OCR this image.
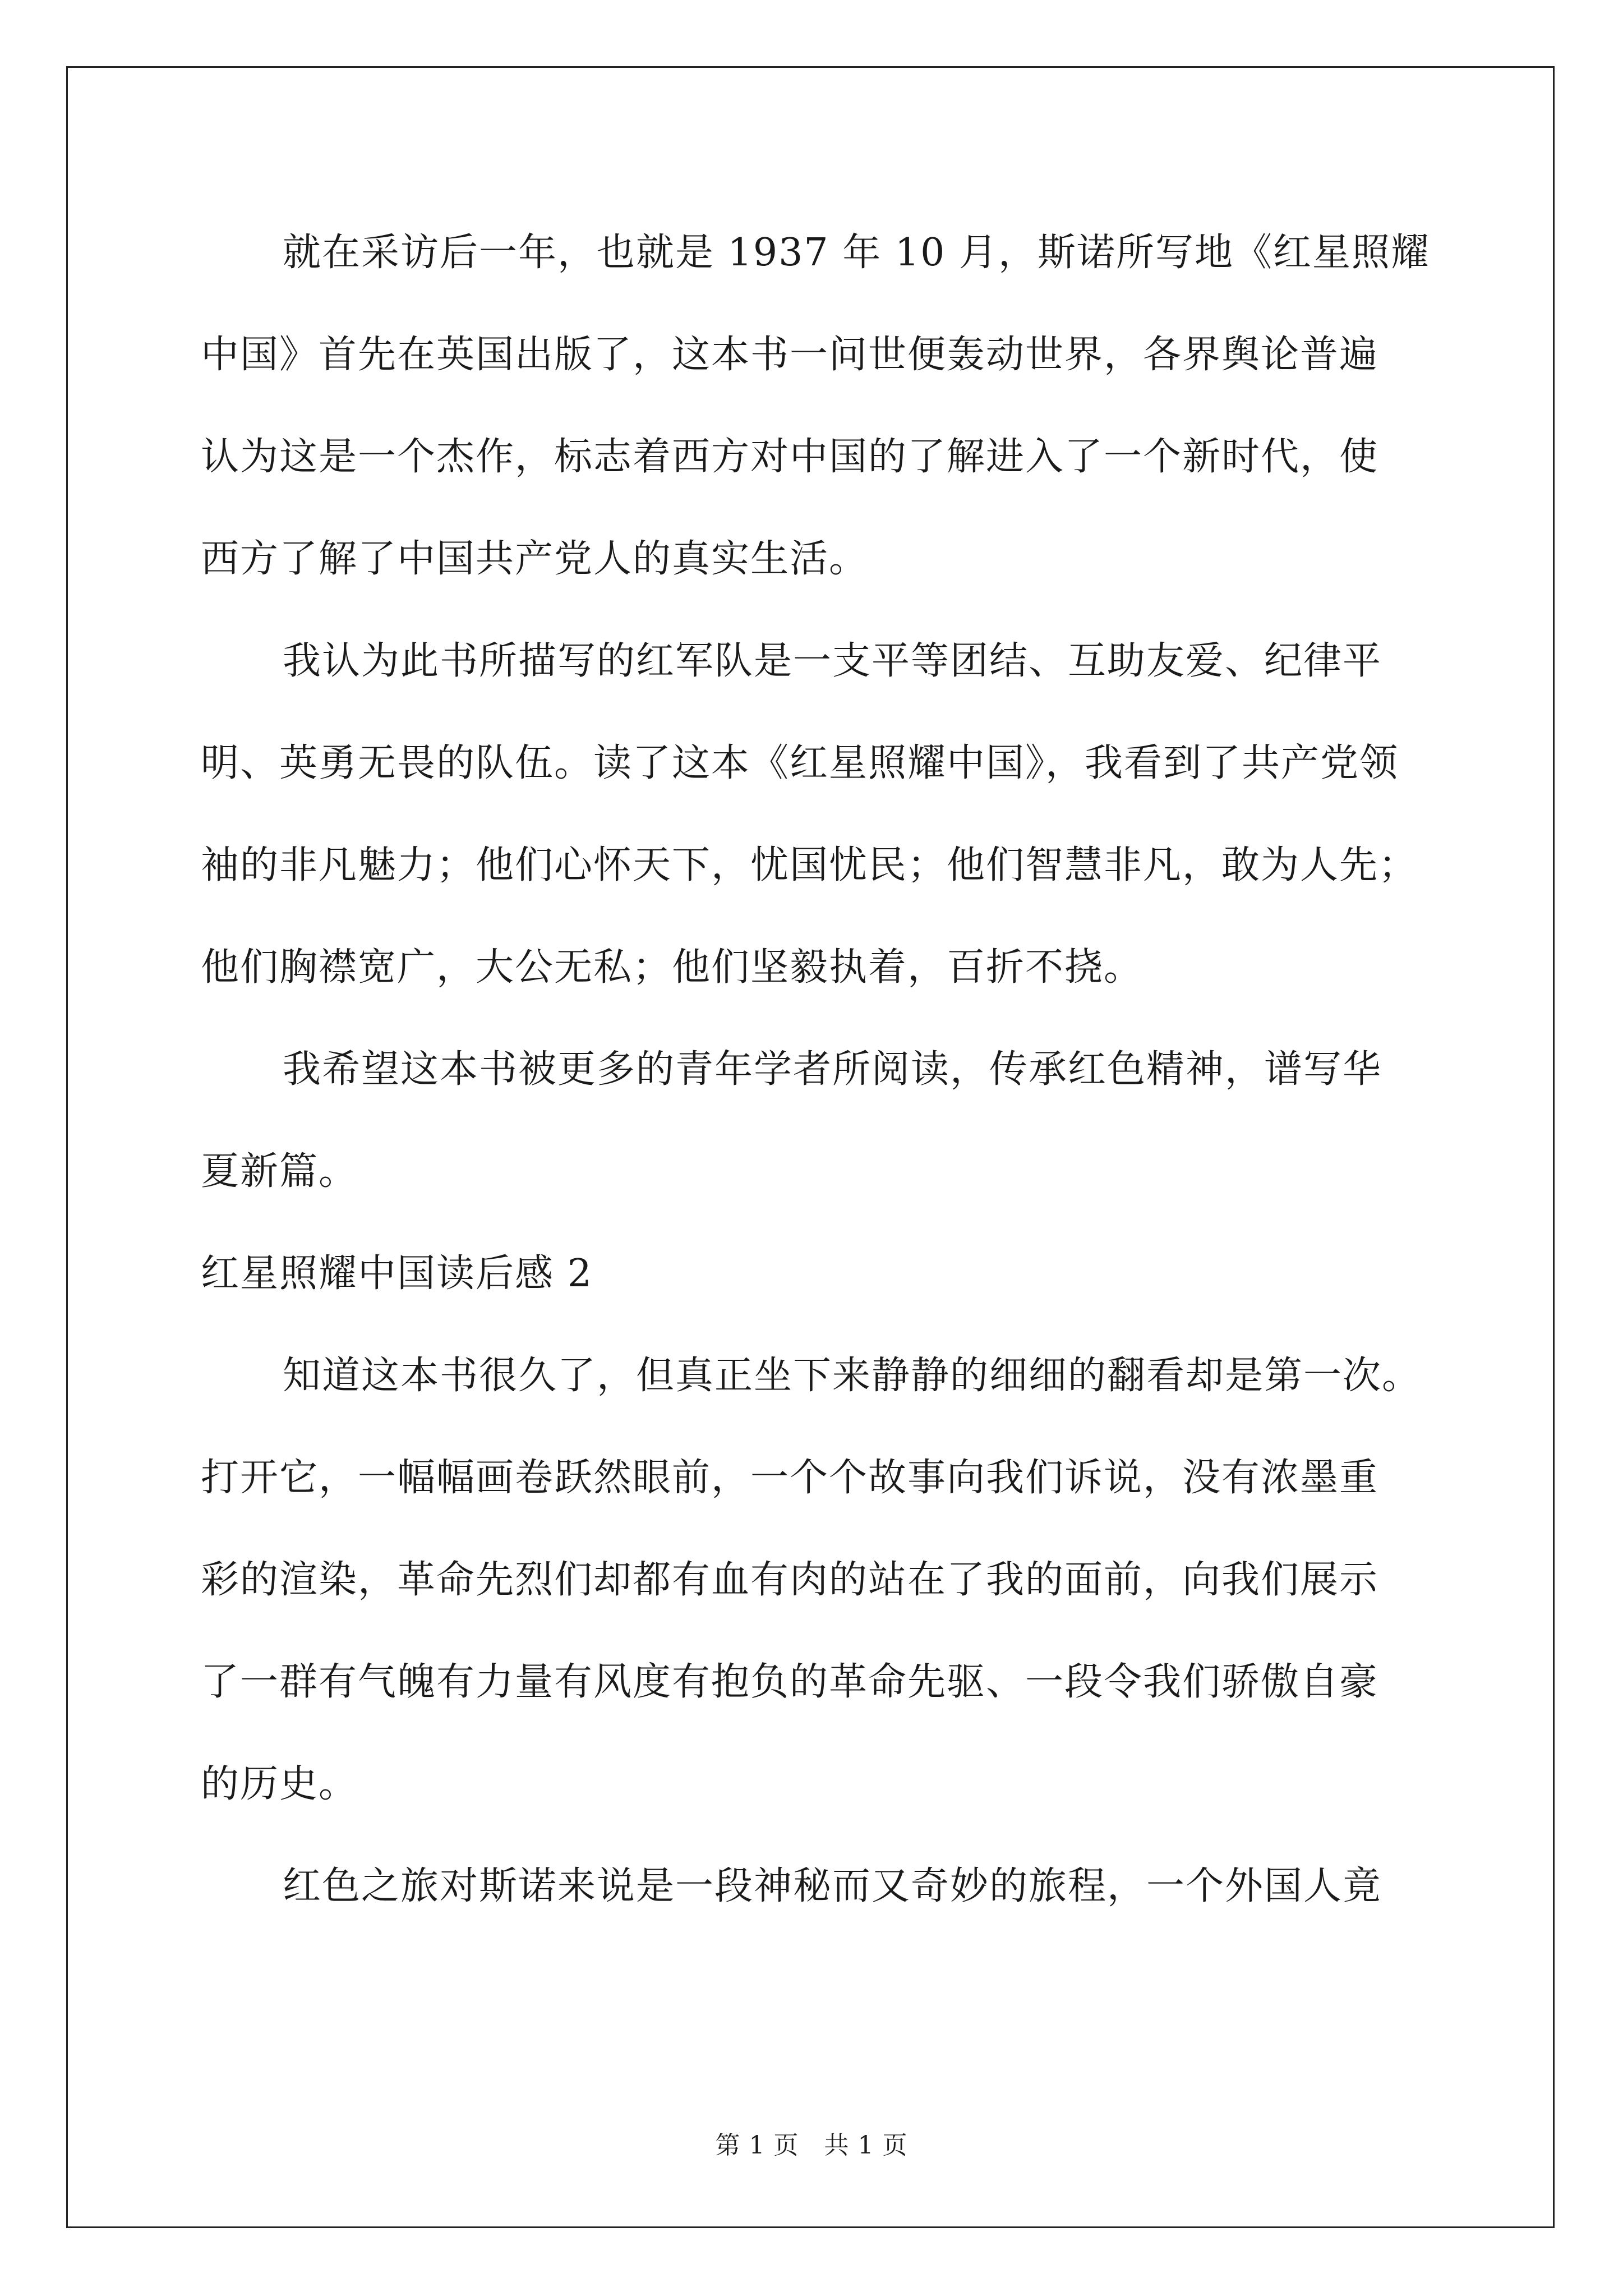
就在采访后一年，也就是 1937 年 10 月，斯诺所写地《红星照耀
中国》首先在英国出版了，这本书一问世便轰动世界，各界舆论普遍
认为这是一个杰作，标志着西方对中国的了解进入了一个新时代，使
西方了解了中国共产党人的真实生活。
我认为此书所描写的红军队是一支平等团结、互助友爱、纪律平
明、英勇无畏的队伍。读了这本《红星照耀中国》，我看到了共产党领
袖的非凡魅力；他们心怀天下，忧国忧民；他们智慧非凡，敢为人先；
他们胸襟宽广，大公无私；他们坚毅执着，百折不挠。
我希望这本书被更多的青年学者所阅读，传承红色精神，谱写华
夏新篇。
红星照耀中国读后感 2
知道这本书很久了，但真正坐下来静静的细细的翻看却是第一次。
打开它，一幅幅画卷跃然眼前，一个个故事向我们诉说，没有浓墨重
彩的渲染，革命先烈们却都有血有肉的站在了我的面前，向我们展示
了一群有气魄有力量有风度有抱负的革命先驱、一段令我们骄傲自豪
的历史。
红色之旅对斯诺来说是一段神秘而又奇妙的旅程，一个外国人竟
第 1 页   共 1 页
